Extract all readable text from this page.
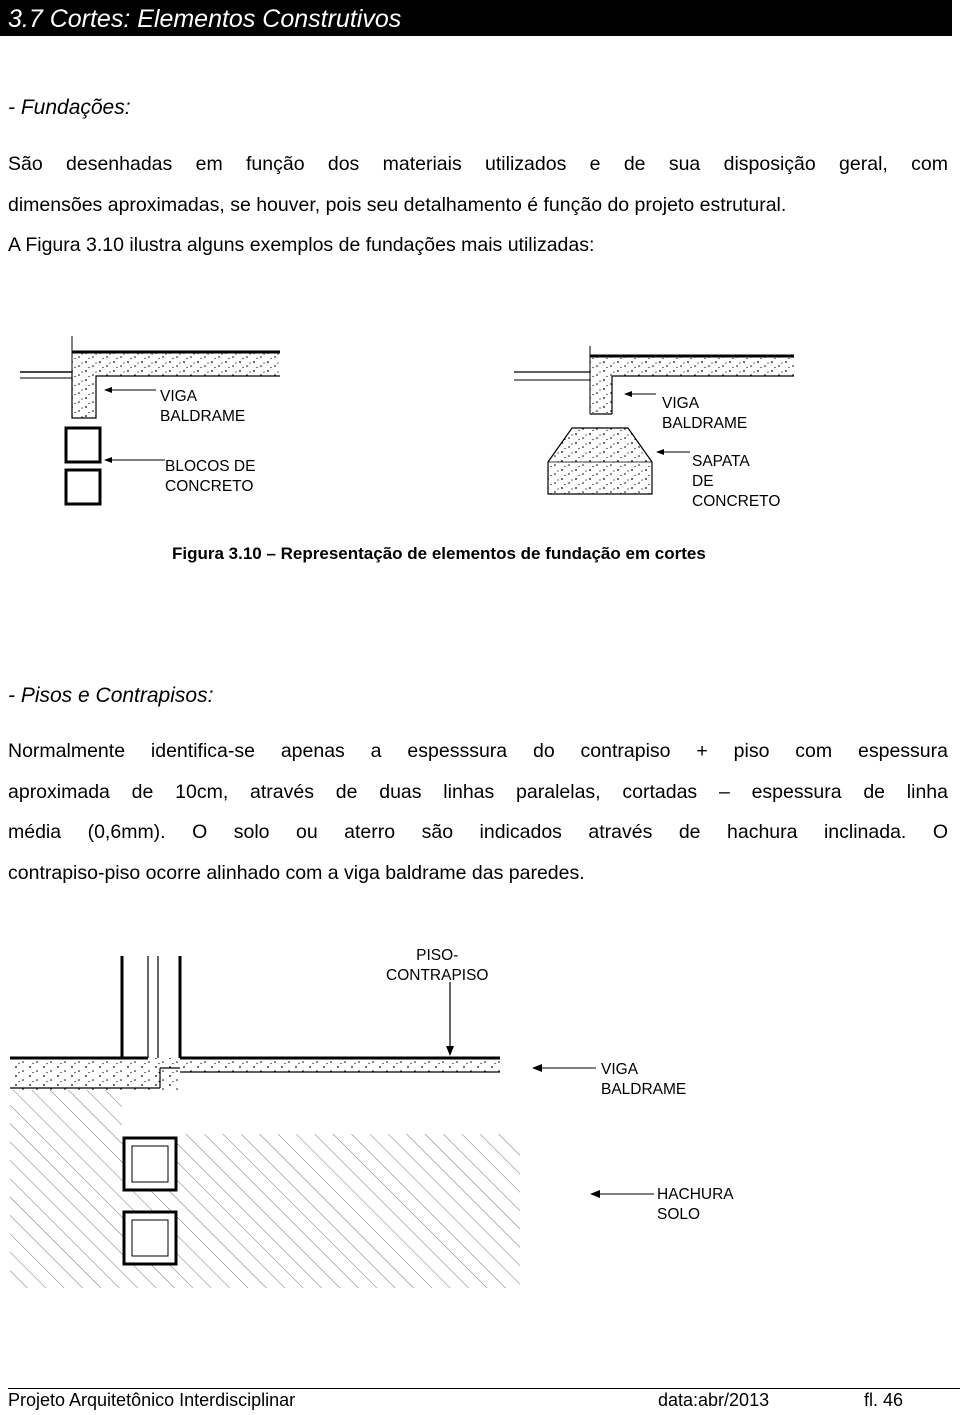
3.7 Cortes: Elementos Construtivos
- Fundações:
São desenhadas em função dos materiais utilizados e de sua disposição geral, com
dimensões aproximadas, se houver, pois seu detalhamento é função do projeto estrutural.
A Figura 3.10 ilustra alguns exemplos de fundações mais utilizadas:
VIGA
BALDRAME
BLOCOS DE
CONCRETO
VIGA
BALDRAME
SAPATA
DE
CONCRETO
Figura 3.10 – Representação de elementos de fundação em cortes
- Pisos e Contrapisos:
Normalmente identifica-se apenas a espesssura do contrapiso + piso com espessura
aproximada de 10cm, através de duas linhas paralelas, cortadas – espessura de linha
média (0,6mm). O solo ou aterro são indicados através de hachura inclinada. O
contrapiso-piso ocorre alinhado com a viga baldrame das paredes.
PISO-
CONTRAPISO
VIGA
BALDRAME
HACHURA
SOLO
Projeto Arquitetônico Interdisciplinar	data:abr/2013	fl. 46
